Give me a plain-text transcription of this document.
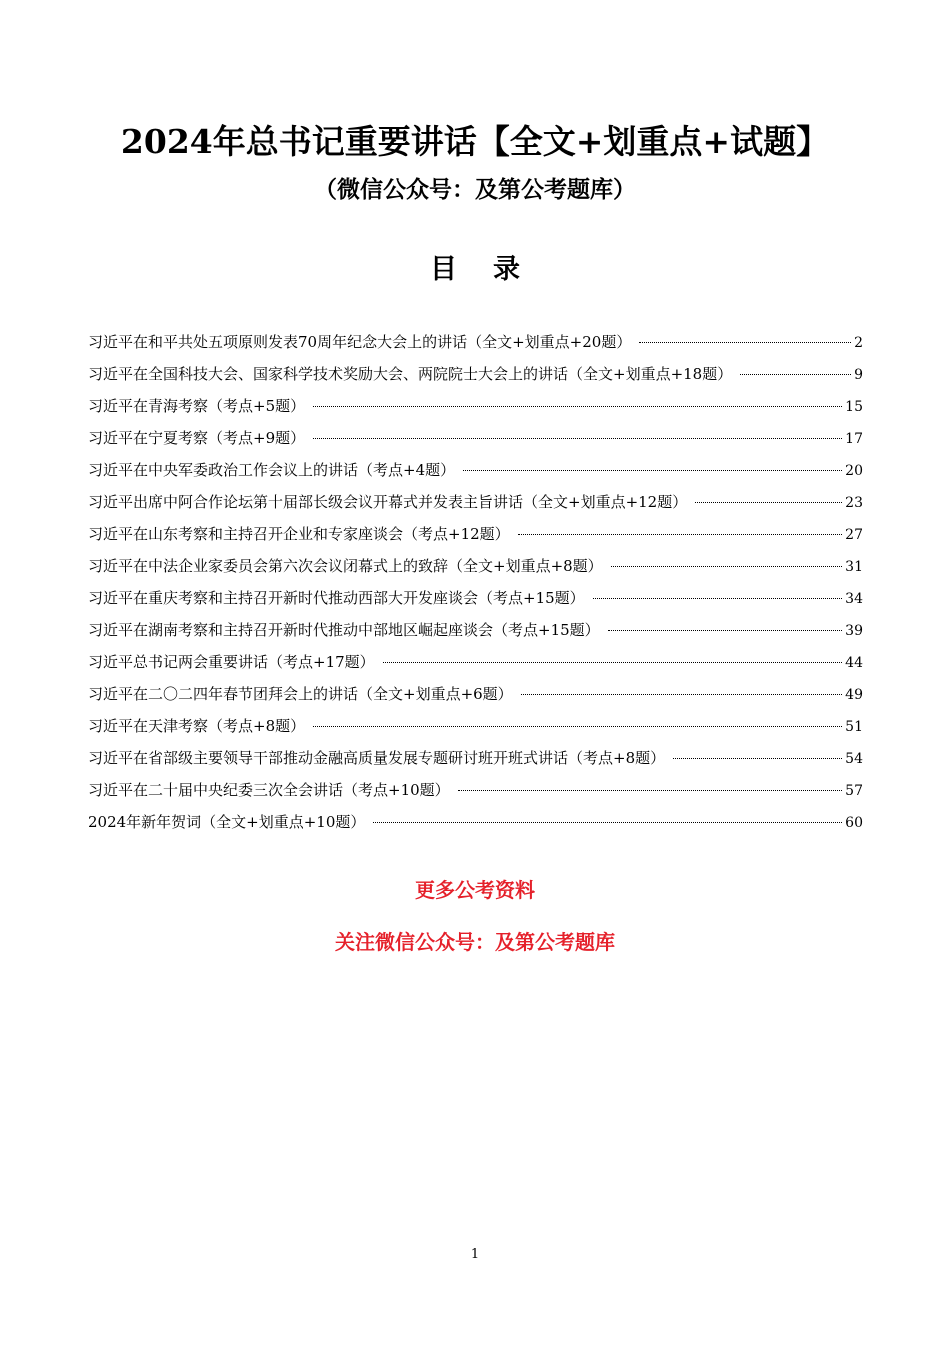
2024年总书记重要讲话【全文+划重点+试题】
（微信公众号：及第公考题库）
目录
习近平在和平共处五项原则发表70周年纪念大会上的讲话（全文+划重点+20题）	2
习近平在全国科技大会、国家科学技术奖励大会、两院院士大会上的讲话（全文+划重点+18题）	9
习近平在青海考察（考点+5题）	15
习近平在宁夏考察（考点+9题）	17
习近平在中央军委政治工作会议上的讲话（考点+4题）	20
习近平出席中阿合作论坛第十届部长级会议开幕式并发表主旨讲话（全文+划重点+12题）	23
习近平在山东考察和主持召开企业和专家座谈会（考点+12题）	27
习近平在中法企业家委员会第六次会议闭幕式上的致辞（全文+划重点+8题）	31
习近平在重庆考察和主持召开新时代推动西部大开发座谈会（考点+15题）	34
习近平在湖南考察和主持召开新时代推动中部地区崛起座谈会（考点+15题）	39
习近平总书记两会重要讲话（考点+17题）	44
习近平在二〇二四年春节团拜会上的讲话（全文+划重点+6题）	49
习近平在天津考察（考点+8题）	51
习近平在省部级主要领导干部推动金融高质量发展专题研讨班开班式讲话（考点+8题）	54
习近平在二十届中央纪委三次全会讲话（考点+10题）	57
2024年新年贺词（全文+划重点+10题）	60
更多公考资料
关注微信公众号：及第公考题库
1
